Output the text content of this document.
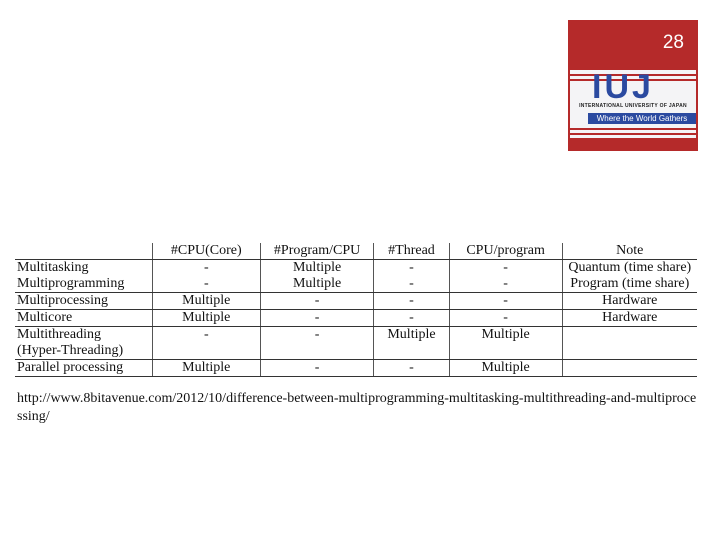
28
IUJ
INTERNATIONAL UNIVERSITY OF JAPAN
Where the World Gathers
	#CPU(Core)	#Program/CPU	#Thread	CPU/program	Note
Multitasking	-	Multiple	-	-	Quantum (time share)
Multiprogramming	-	Multiple	-	-	Program (time share)
Multiprocessing	Multiple	-	-	-	Hardware
Multicore	Multiple	-	-	-	Hardware
Multithreading	-	-	Multiple	Multiple	
(Hyper-Threading)					
Parallel processing	Multiple	-	-	Multiple	
http://www.8bitavenue.com/2012/10/difference-between-multiprogramming-multitasking-multithreading-and-multiprocessing/
